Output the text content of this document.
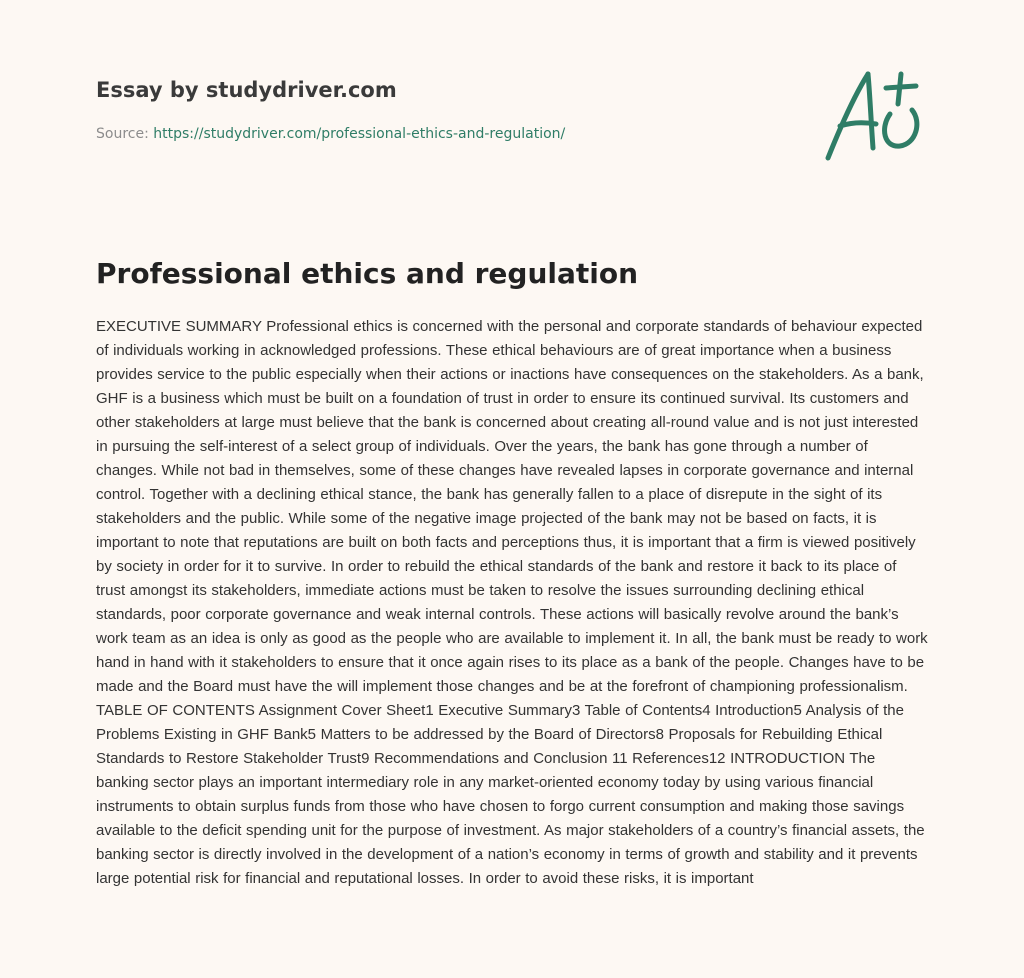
Essay by studydriver.com
Source: https://studydriver.com/professional-ethics-and-regulation/
Professional ethics and regulation

EXECUTIVE SUMMARY Professional ethics is concerned with the personal and corporate standards of behaviour expected of individuals working in acknowledged professions. These ethical behaviours are of great importance when a business provides service to the public especially when their actions or inactions have consequences on the stakeholders. As a bank, GHF is a business which must be built on a foundation of trust in order to ensure its continued survival. Its customers and other stakeholders at large must believe that the bank is concerned about creating all-round value and is not just interested in pursuing the self-interest of a select group of individuals. Over the years, the bank has gone through a number of changes. While not bad in themselves, some of these changes have revealed lapses in corporate governance and internal control. Together with a declining ethical stance, the bank has generally fallen to a place of disrepute in the sight of its stakeholders and the public. While some of the negative image projected of the bank may not be based on facts, it is important to note that reputations are built on both facts and perceptions thus, it is important that a firm is viewed positively by society in order for it to survive. In order to rebuild the ethical standards of the bank and restore it back to its place of trust amongst its stakeholders, immediate actions must be taken to resolve the issues surrounding declining ethical standards, poor corporate governance and weak internal controls. These actions will basically revolve around the bank’s work team as an idea is only as good as the people who are available to implement it. In all, the bank must be ready to work hand in hand with it stakeholders to ensure that it once again rises to its place as a bank of the people. Changes have to be made and the Board must have the will implement those changes and be at the forefront of championing professionalism. TABLE OF CONTENTS Assignment Cover Sheet1 Executive Summary3 Table of Contents4 Introduction5 Analysis of the Problems Existing in GHF Bank5 Matters to be addressed by the Board of Directors8 Proposals for Rebuilding Ethical Standards to Restore Stakeholder Trust9 Recommendations and Conclusion 11 References12 INTRODUCTION The banking sector plays an important intermediary role in any market-oriented economy today by using various financial instruments to obtain surplus funds from those who have chosen to forgo current consumption and making those savings available to the deficit spending unit for the purpose of investment. As major stakeholders of a country’s financial assets, the banking sector is directly involved in the development of a nation’s economy in terms of growth and stability and it prevents large potential risk for financial and reputational losses. In order to avoid these risks, it is important
